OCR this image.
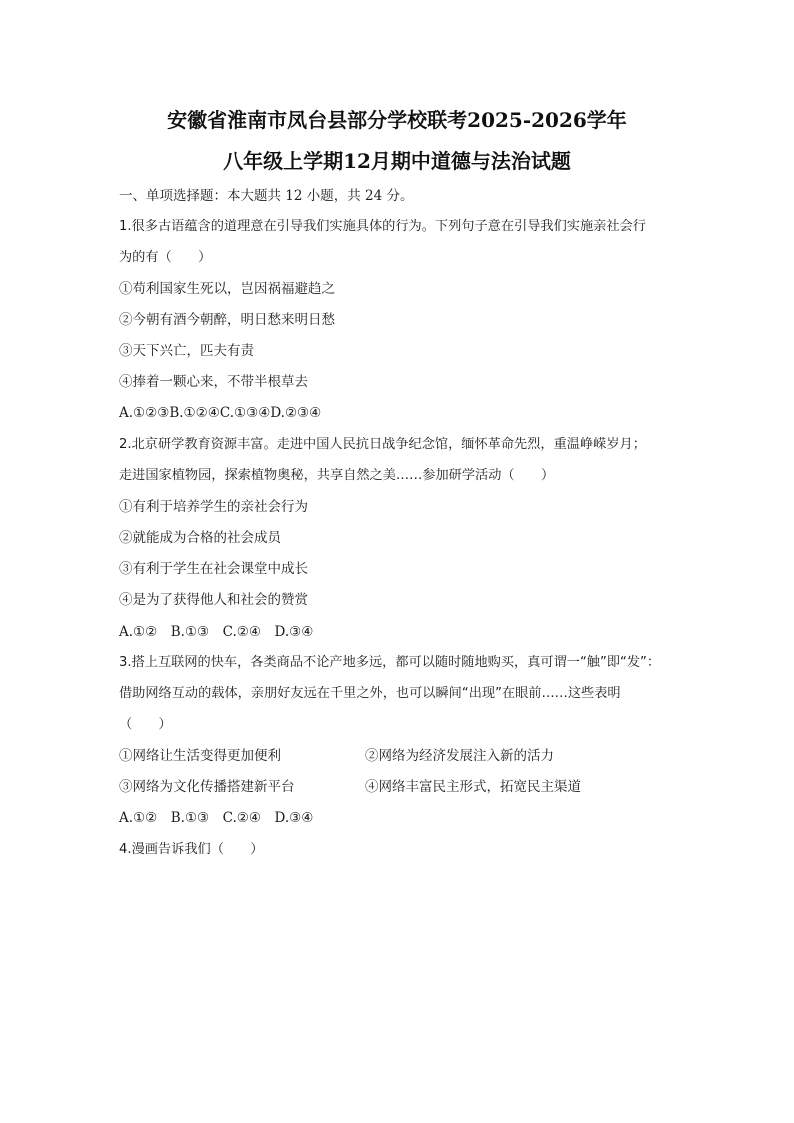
安徽省淮南市凤台县部分学校联考2025-2026学年
八年级上学期12月期中道德与法治试题
一、单项选择题：本大题共 12 小题，共 24 分。
1.很多古语蕴含的道理意在引导我们实施具体的行为。下列句子意在引导我们实施亲社会行
为的有（　　）
①苟利国家生死以，岂因祸福避趋之
②今朝有酒今朝醉，明日愁来明日愁
③天下兴亡，匹夫有责
④捧着一颗心来，不带半根草去
A.①②③B.①②④C.①③④D.②③④
2.北京研学教育资源丰富。走进中国人民抗日战争纪念馆，缅怀革命先烈，重温峥嵘岁月；
走进国家植物园，探索植物奥秘，共享自然之美……参加研学活动（　　）
①有利于培养学生的亲社会行为
②就能成为合格的社会成员
③有利于学生在社会课堂中成长
④是为了获得他人和社会的赞赏
A.①②　B.①③　C.②④　D.③④
3.搭上互联网的快车，各类商品不论产地多远，都可以随时随地购买，真可谓一“触”即“发”：
借助网络互动的载体，亲朋好友远在千里之外，也可以瞬间“出现”在眼前……这些表明
（　　）
①网络让生活变得更加便利	②网络为经济发展注入新的活力
③网络为文化传播搭建新平台	④网络丰富民主形式，拓宽民主渠道
A.①②　B.①③　C.②④　D.③④
4.漫画告诉我们（　　）
